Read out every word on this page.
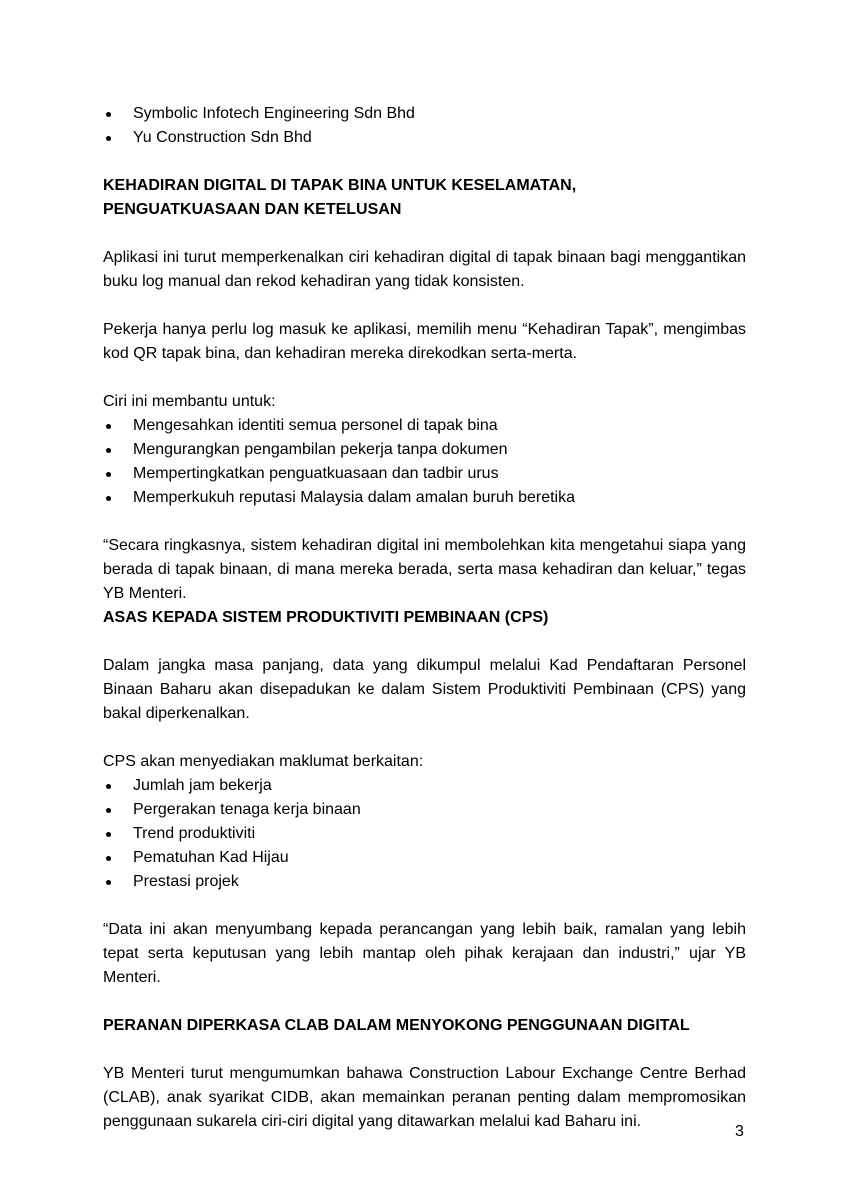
Symbolic Infotech Engineering Sdn Bhd
Yu Construction Sdn Bhd
KEHADIRAN DIGITAL DI TAPAK BINA UNTUK KESELAMATAN,
PENGUATKUASAAN DAN KETELUSAN

Aplikasi ini turut memperkenalkan ciri kehadiran digital di tapak binaan bagi menggantikan buku log manual dan rekod kehadiran yang tidak konsisten.

Pekerja hanya perlu log masuk ke aplikasi, memilih menu “Kehadiran Tapak”, mengimbas kod QR tapak bina, dan kehadiran mereka direkodkan serta-merta.

Ciri ini membantu untuk:

Mengesahkan identiti semua personel di tapak bina
Mengurangkan pengambilan pekerja tanpa dokumen
Mempertingkatkan penguatkuasaan dan tadbir urus
Memperkukuh reputasi Malaysia dalam amalan buruh beretika

“Secara ringkasnya, sistem kehadiran digital ini membolehkan kita mengetahui siapa yang berada di tapak binaan, di mana mereka berada, serta masa kehadiran dan keluar,” tegas YB Menteri.

ASAS KEPADA SISTEM PRODUKTIVITI PEMBINAAN (CPS)

Dalam jangka masa panjang, data yang dikumpul melalui Kad Pendaftaran Personel Binaan Baharu akan disepadukan ke dalam Sistem Produktiviti Pembinaan (CPS) yang bakal diperkenalkan.

CPS akan menyediakan maklumat berkaitan:

Jumlah jam bekerja
Pergerakan tenaga kerja binaan
Trend produktiviti
Pematuhan Kad Hijau
Prestasi projek

“Data ini akan menyumbang kepada perancangan yang lebih baik, ramalan yang lebih tepat serta keputusan yang lebih mantap oleh pihak kerajaan dan industri,” ujar YB Menteri.

PERANAN DIPERKASA CLAB DALAM MENYOKONG PENGGUNAAN DIGITAL

YB Menteri turut mengumumkan bahawa Construction Labour Exchange Centre Berhad (CLAB), anak syarikat CIDB, akan memainkan peranan penting dalam mempromosikan penggunaan sukarela ciri-ciri digital yang ditawarkan melalui kad Baharu ini.

3
